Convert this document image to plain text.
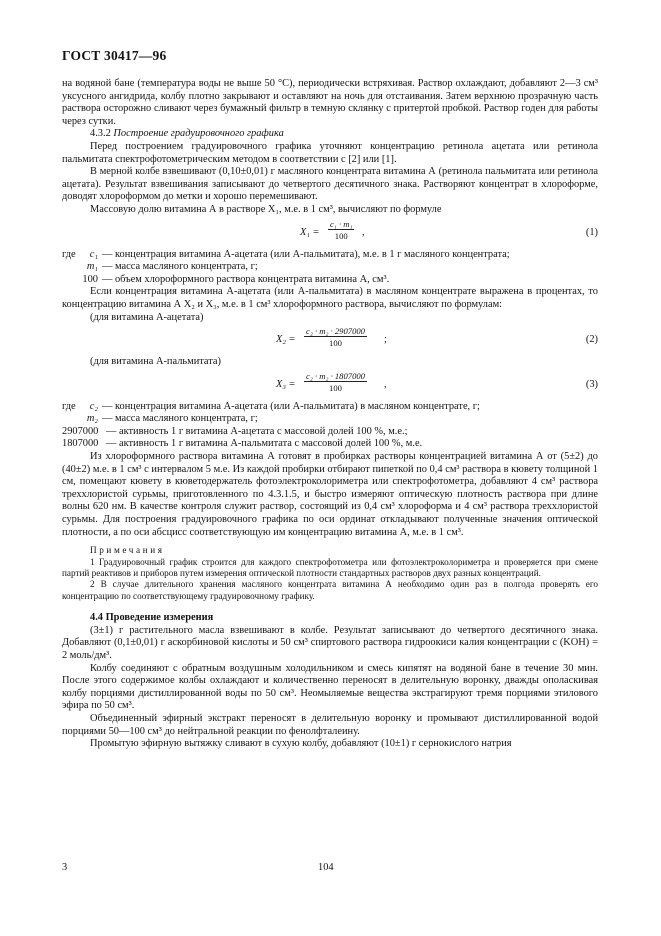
ГОСТ 30417—96

на водяной бане (температура воды не выше 50 °С), периодически встряхивая. Раствор охлаждают, добавляют 2—3 см³ уксусного ангидрида, колбу плотно закрывают и оставляют на ночь для отстаивания. Затем верхнюю прозрачную часть раствора осторожно сливают через бумажный фильтр в темную склянку с притертой пробкой. Раствор годен для работы через сутки.

4.3.2 Построение градуировочного графика

Перед построением градуировочного графика уточняют концентрацию ретинола ацетата или ретинола пальмитата спектрофотометрическим методом в соответствии с [2] или [1].

В мерной колбе взвешивают (0,10±0,01) г масляного концентрата витамина А (ретинола пальмитата или ретинола ацетата). Результат взвешивания записывают до четвертого десятичного знака. Растворяют концентрат в хлороформе, доводят хлороформом до метки и хорошо перемешивают.

Массовую долю витамина А в растворе X₁, м.е. в 1 см³, вычисляют по формуле

$X_1 = \frac{\text{c₁ · m₁}}{100}$ ,	(1)
где	c₁ — концентрация витамина А-ацетата (или А-пальмитата), м.е. в 1 г масляного концентрата;
m₁ — масса масляного концентрата, г;
100 — объем хлороформного раствора концентрата витамина А, см³.

Если концентрация витамина А-ацетата (или А-пальмитата) в масляном концентрате выражена в процентах, то концентрацию витамина А X₂ и X₃, м.е. в 1 см³ хлороформного раствора, вычисляют по формулам:

(для витамина А-ацетата)

$X_2 = \frac{\text{c₂ · m₂ · 2907000}}{100}$ ;	(2)

(для витамина А-пальмитата)

$X_3 = \frac{\text{c₂ · m₂ · 1807000}}{100}$ ,	(3)
где	c₂ — концентрация витамина А-ацетата (или А-пальмитата) в масляном концентрате, г;
m₂ — масса масляного концентрата, г;
2907000 — активность 1 г витамина А-ацетата с массовой долей 100 %, м.е.;
1807000 — активность 1 г витамина А-пальмитата с массовой долей 100 %, м.е.

Из хлороформного раствора витамина А готовят в пробирках растворы концентрацией витамина А от (5±2) до (40±2) м.е. в 1 см³ с интервалом 5 м.е. Из каждой пробирки отбирают пипеткой по 0,4 см³ раствора в кювету толщиной 1 см, помещают кювету в кюветодержатель фотоэлектроколориметра или спектрофотометра, добавляют 4 см³ раствора треххлористой сурьмы, приготовленного по 4.3.1.5, и быстро измеряют оптическую плотность раствора при длине волны 620 нм. В качестве контроля служит раствор, состоящий из 0,4 см³ хлороформа и 4 см³ раствора треххлористой сурьмы. Для построения градуировочного графика по оси ординат откладывают полученные значения оптической плотности, а по оси абсцисс соответствующую им концентрацию витамина А, м.е. в 1 см³.

Примечания

1 Градуировочный график строится для каждого спектрофотометра или фотоэлектроколориметра и проверяется при смене партий реактивов и приборов путем измерения оптической плотности стандартных растворов двух разных концентраций.

2 В случае длительного хранения масляного концентрата витамина А необходимо один раз в полгода проверять его концентрацию по соответствующему градуировочному графику.

4.4 Проведение измерения

(3±1) г растительного масла взвешивают в колбе. Результат записывают до четвертого десятичного знака. Добавляют (0,1±0,01) г аскорбиновой кислоты и 50 см³ спиртового раствора гидроокиси калия концентрации c (KOH) = 2 моль/дм³.

Колбу соединяют с обратным воздушным холодильником и смесь кипятят на водяной бане в течение 30 мин. После этого содержимое колбы охлаждают и количественно переносят в делительную воронку, дважды ополаскивая колбу порциями дистиллированной воды по 50 см³. Неомыляемые вещества экстрагируют тремя порциями этилового эфира по 50 см³.

Объединенный эфирный экстракт переносят в делительную воронку и промывают дистиллированной водой порциями 50—100 см³ до нейтральной реакции по фенолфталеину.

Промытую эфирную вытяжку сливают в сухую колбу, добавляют (10±1) г сернокислого натрия

3	104
